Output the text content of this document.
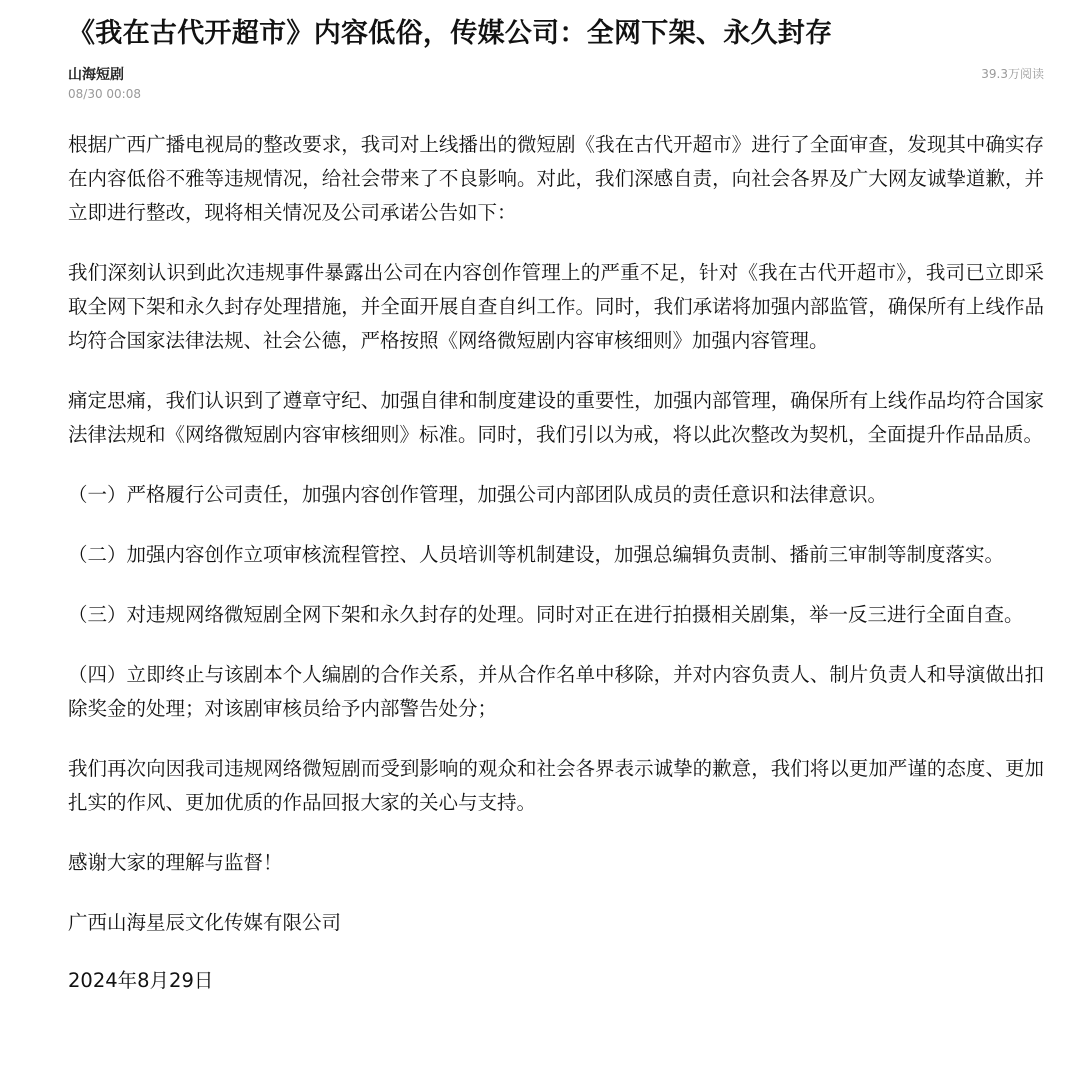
《我在古代开超市》内容低俗，传媒公司：全网下架、永久封存
山海短剧
08/30 00:08
39.3万阅读

根据广西广播电视局的整改要求，我司对上线播出的微短剧《我在古代开超市》进行了全面审查，发现其中确实存在内容低俗不雅等违规情况，给社会带来了不良影响。对此，我们深感自责，向社会各界及广大网友诚挚道歉，并立即进行整改，现将相关情况及公司承诺公告如下：

我们深刻认识到此次违规事件暴露出公司在内容创作管理上的严重不足，针对《我在古代开超市》，我司已立即采取全网下架和永久封存处理措施，并全面开展自查自纠工作。同时，我们承诺将加强内部监管，确保所有上线作品均符合国家法律法规、社会公德，严格按照《网络微短剧内容审核细则》加强内容管理。

痛定思痛，我们认识到了遵章守纪、加强自律和制度建设的重要性，加强内部管理，确保所有上线作品均符合国家法律法规和《网络微短剧内容审核细则》标准。同时，我们引以为戒，将以此次整改为契机，全面提升作品品质。

（一）严格履行公司责任，加强内容创作管理，加强公司内部团队成员的责任意识和法律意识。

（二）加强内容创作立项审核流程管控、人员培训等机制建设，加强总编辑负责制、播前三审制等制度落实。

（三）对违规网络微短剧全网下架和永久封存的处理。同时对正在进行拍摄相关剧集，举一反三进行全面自查。

（四）立即终止与该剧本个人编剧的合作关系，并从合作名单中移除，并对内容负责人、制片负责人和导演做出扣除奖金的处理；对该剧审核员给予内部警告处分；

我们再次向因我司违规网络微短剧而受到影响的观众和社会各界表示诚挚的歉意，我们将以更加严谨的态度、更加扎实的作风、更加优质的作品回报大家的关心与支持。

感谢大家的理解与监督！

广西山海星辰文化传媒有限公司

2024年8月29日
